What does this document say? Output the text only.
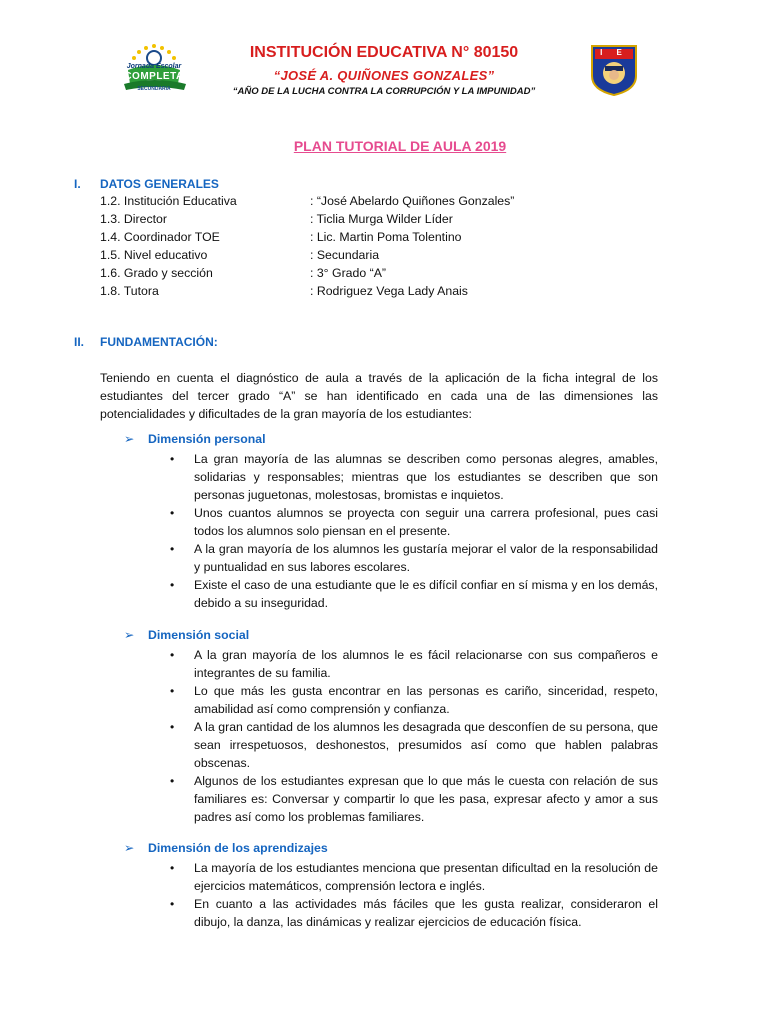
Jornada Escolar
COMPLETA
SECUNDARIA
I E
INSTITUCIÓN EDUCATIVA N° 80150
“JOSÉ A. QUIÑONES GONZALES”
“AÑO DE LA LUCHA CONTRA LA CORRUPCIÓN Y LA IMPUNIDAD”
PLAN TUTORIAL DE AULA 2019
I. DATOS GENERALES
1.2. Institución Educativa	: “José Abelardo Quiñones Gonzales”
1.3. Director	: Ticlia Murga Wilder Líder
1.4. Coordinador TOE	: Lic. Martin Poma Tolentino
1.5. Nivel educativo	: Secundaria
1.6. Grado y sección	: 3° Grado “A”
1.8. Tutora	: Rodriguez Vega Lady Anais
II. FUNDAMENTACIÓN:
Teniendo en cuenta el diagnóstico de aula a través de la aplicación de la ficha integral de los estudiantes del tercer grado “A” se han identificado en cada una de las dimensiones las potencialidades y dificultades de la gran mayoría de los estudiantes:
➢ Dimensión personal
• La gran mayoría de las alumnas se describen como personas alegres, amables, solidarias y responsables; mientras que los estudiantes se describen que son personas juguetonas, molestosas, bromistas e inquietos.
• Unos cuantos alumnos se proyecta con seguir una carrera profesional, pues casi todos los alumnos solo piensan en el presente.
• A la gran mayoría de los alumnos les gustaría mejorar el valor de la responsabilidad y puntualidad en sus labores escolares.
• Existe el caso de una estudiante que le es difícil confiar en sí misma y en los demás, debido a su inseguridad.
➢ Dimensión social
• A la gran mayoría de los alumnos le es fácil relacionarse con sus compañeros e integrantes de su familia.
• Lo que más les gusta encontrar en las personas es cariño, sinceridad, respeto, amabilidad así como comprensión y confianza.
• A la gran cantidad de los alumnos les desagrada que desconfíen de su persona, que sean irrespetuosos, deshonestos, presumidos así como que hablen palabras obscenas.
• Algunos de los estudiantes expresan que lo que más le cuesta con relación de sus familiares es: Conversar y compartir lo que les pasa, expresar afecto y amor a sus padres así como los problemas familiares.
➢ Dimensión de los aprendizajes
• La mayoría de los estudiantes menciona que presentan dificultad en la resolución de ejercicios matemáticos, comprensión lectora e inglés.
• En cuanto a las actividades más fáciles que les gusta realizar, consideraron el dibujo, la danza, las dinámicas y realizar ejercicios de educación física.
